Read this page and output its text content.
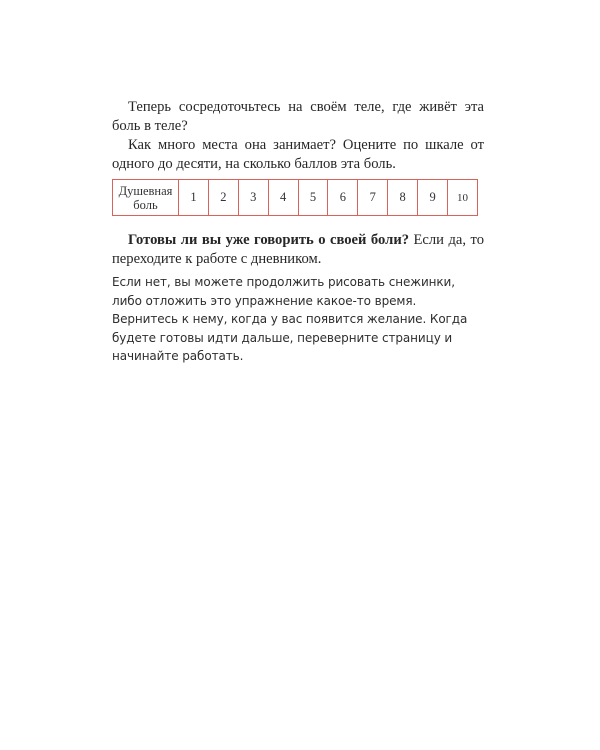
Теперь сосредоточьтесь на своём теле, где живёт эта боль в теле?

Как много места она занимает? Оцените по шкале от одного до десяти, на сколько баллов эта боль.

Душевная
боль	1	2	3	4	5	6	7	8	9	10

Готовы ли вы уже говорить о своей боли? Если да, то переходите к работе с дневником.

Если нет, вы можете продолжить рисовать снежинки, либо отложить это упражнение какое-то время. Вернитесь к нему, когда у вас появится желание. Когда будете готовы идти дальше, переверните страницу и начинайте работать.
